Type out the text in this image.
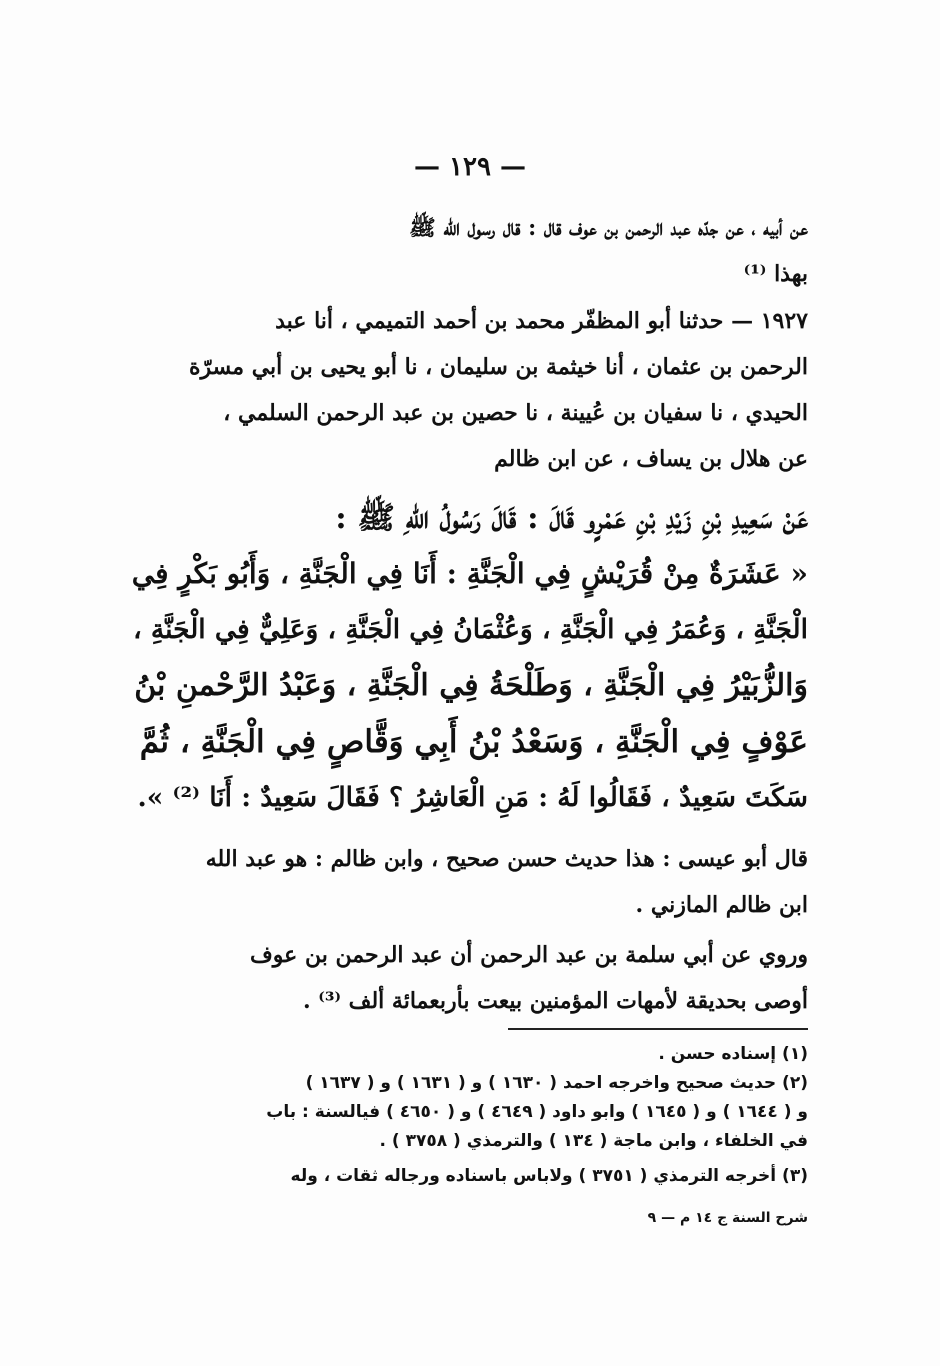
— ١٢٩ —
عن أبيه ، عن جدّه عبد الرحمن بن عوف قال : قال رسول الله ﷺ
بهذا ⁽¹⁾
١٩٢٧ — حدثنا أبو المظفّر محمد بن أحمد التميمي ، أنا عبد
الرحمن بن عثمان ، أنا خيثمة بن سليمان ، نا أبو يحيى بن أبي مسرّة
الحيدي ، نا سفيان بن عُيينة ، نا حصين بن عبد الرحمن السلمي ،
عن هلال بن يساف ، عن ابن ظالم
عَنْ سَعِيدِ بْنِ زَيْدِ بْنِ عَمْرٍو قَالَ : قَالَ رَسُولُ اللهِ ﷺ :
« عَشَرَةٌ مِنْ قُرَيْشٍ فِي الْجَنَّةِ : أَنَا فِي الْجَنَّةِ ، وَأَبُو بَكْرٍ فِي
الْجَنَّةِ ، وَعُمَرُ فِي الْجَنَّةِ ، وَعُثْمَانُ فِي الْجَنَّةِ ، وَعَلِيٌّ فِي الْجَنَّةِ ،
وَالزُّبَيْرُ فِي الْجَنَّةِ ، وَطَلْحَةُ فِي الْجَنَّةِ ، وَعَبْدُ الرَّحْمنِ بْنُ
عَوْفٍ فِي الْجَنَّةِ ، وَسَعْدُ بْنُ أَبِي وَقَّاصٍ فِي الْجَنَّةِ ، ثُمَّ
سَكَتَ سَعِيدٌ ، فَقَالُوا لَهُ : مَنِ الْعَاشِرُ ؟ فَقَالَ سَعِيدٌ : أَنَا ⁽²⁾ ».
قال أبو عيسى : هذا حديث حسن صحيح ، وابن ظالم : هو عبد الله
ابن ظالم المازني .
وروي عن أبي سلمة بن عبد الرحمن أن عبد الرحمن بن عوف
أوصى بحديقة لأمهات المؤمنين بيعت بأربعمائة ألف ⁽³⁾ .
(١) إسناده حسن .
(٢) حديث صحيح واخرجه احمد ( ١٦٣٠ ) و ( ١٦٣١ ) و ( ١٦٣٧ )
و ( ١٦٤٤ ) و ( ١٦٤٥ ) وابو داود ( ٤٦٤٩ ) و ( ٤٦٥٠ ) فيالسنة : باب
في الخلفاء ، وابن ماجة ( ١٣٤ ) والترمذي ( ٣٧٥٨ ) .
(٣) أخرجه الترمذي ( ٣٧٥١ ) ولاباس باسناده ورجاله ثقات ، وله
شرح السنة ج ١٤ م — ٩
